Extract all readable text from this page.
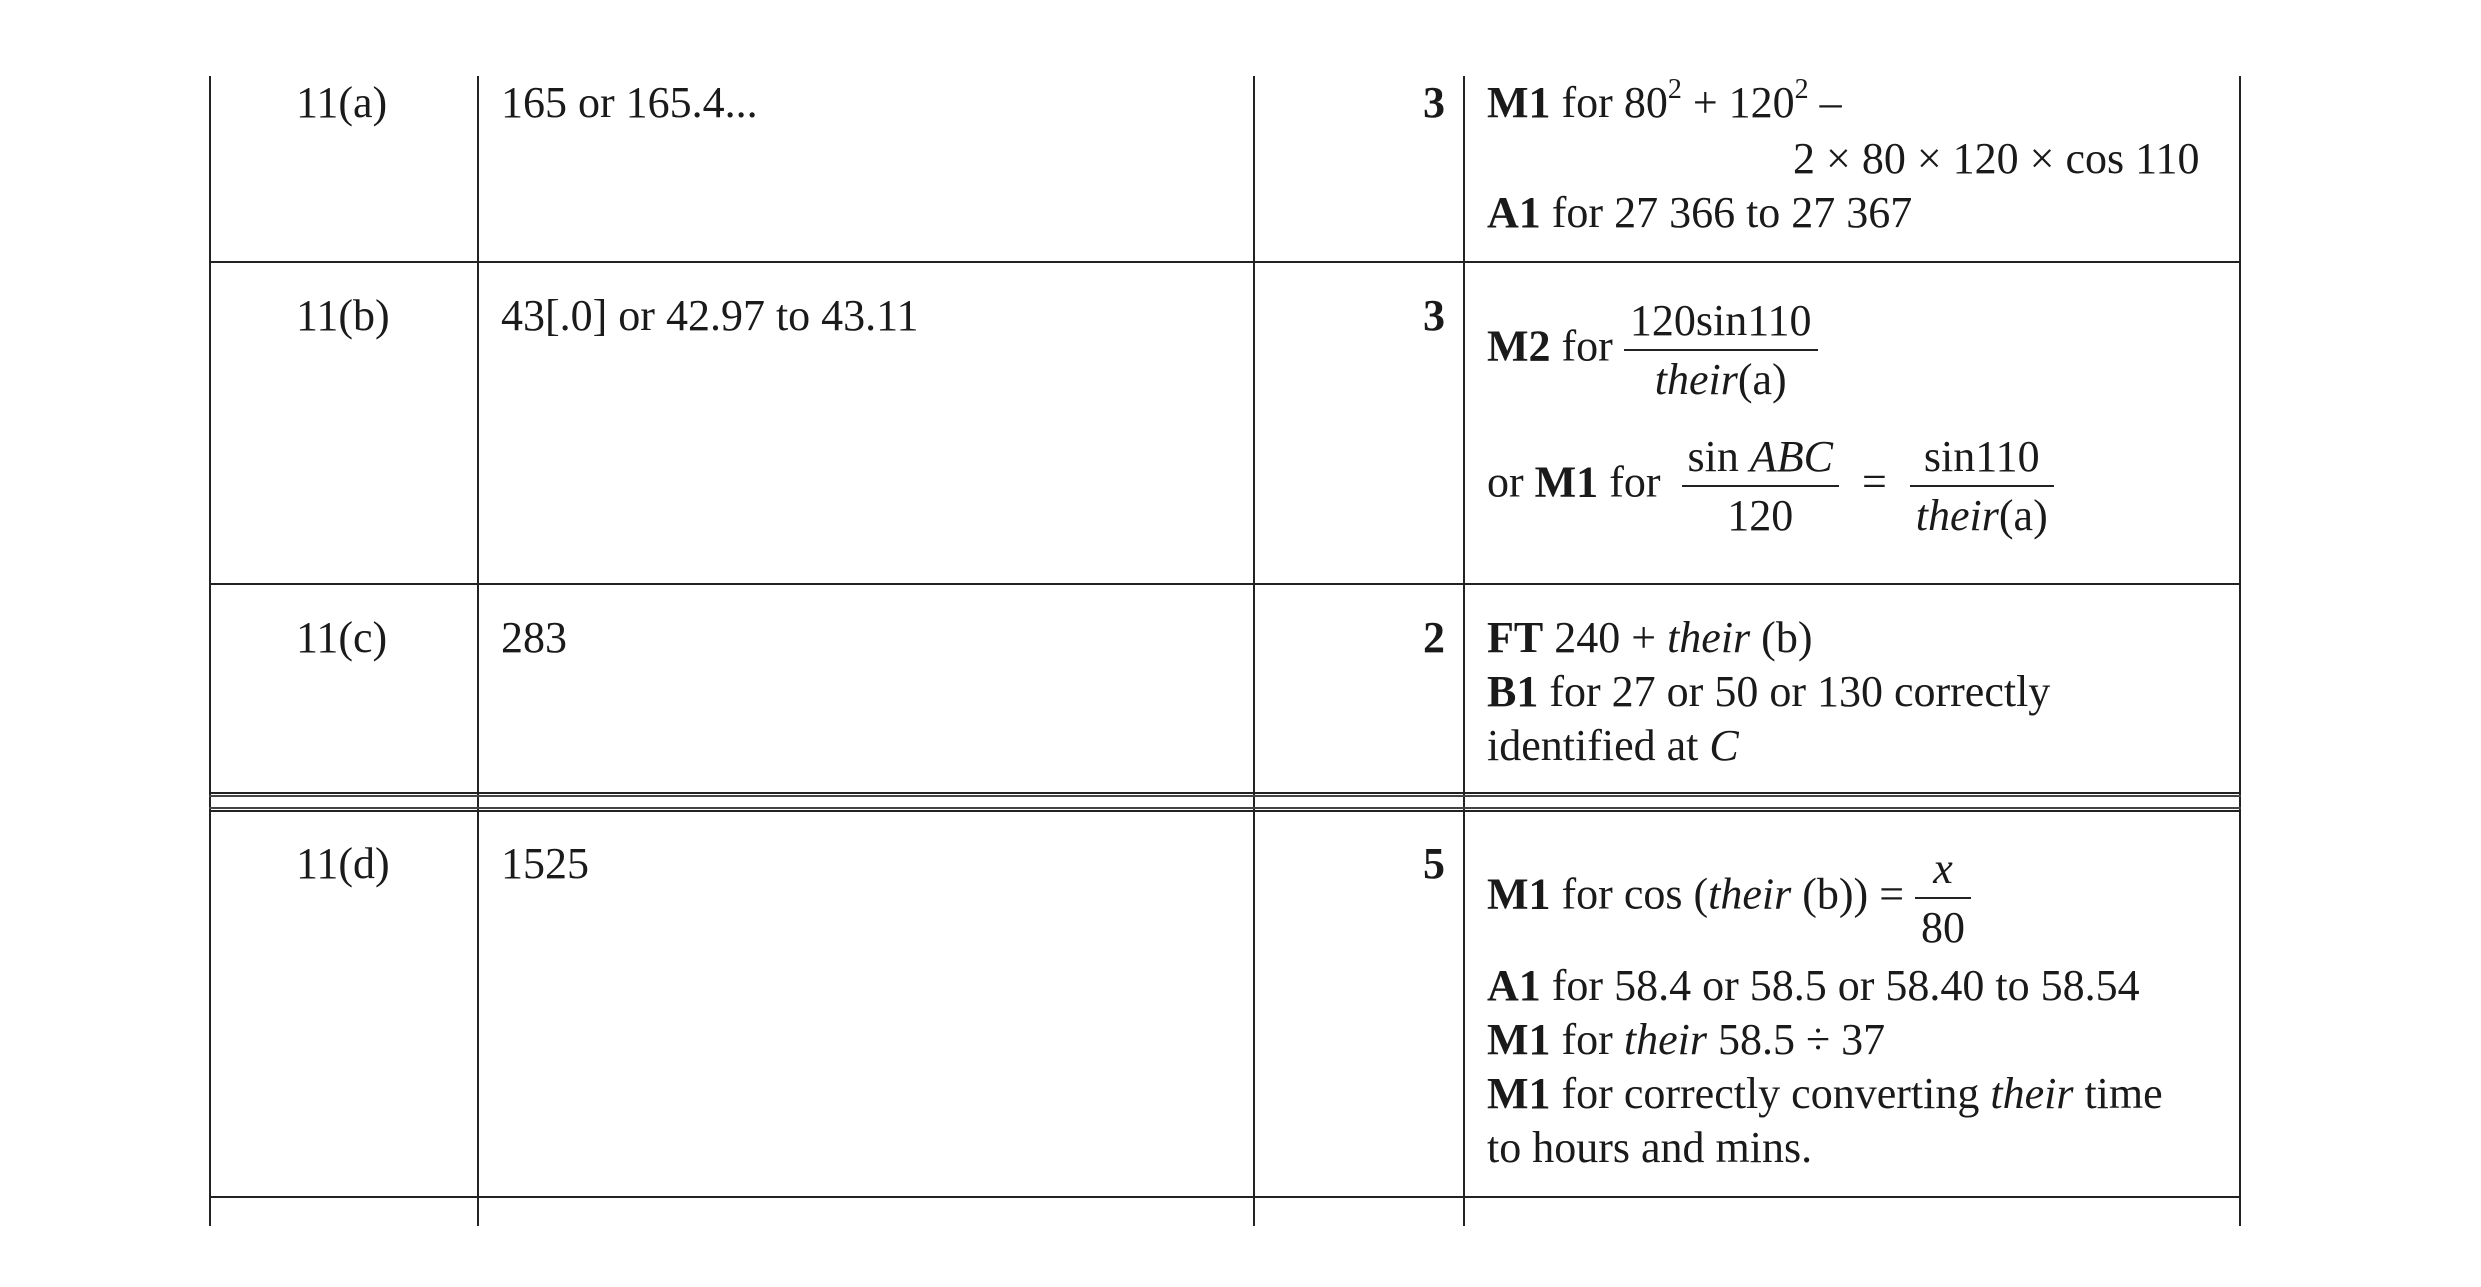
11(a)	165 or 165.4...	3 M1 for $80^2 + 120^2$ –
2 × 80 × 120 × cos 110
A1 for 27 366 to 27 367
11(b)	43[.0] or 42.97 to 43.11	3
M2 for $\frac{120\sin 110}{\text{their(a)}}$
or M1 for $\frac{\text{sin ABC}}{120} = \frac{\sin 110}{\text{their(a)}}$
11(c)	283	2 FT 240 + their (b)
B1 for 27 or 50 or 130 correctly
identified at C
11(d)	1525	5
M1 for cos (their $(b)) = \frac{x}{80}$
A1 for 58.4 or 58.5 or 58.40 to 58.54
M1 for their 58.5 ÷ 37
M1 for correctly converting their time
to hours and mins.
